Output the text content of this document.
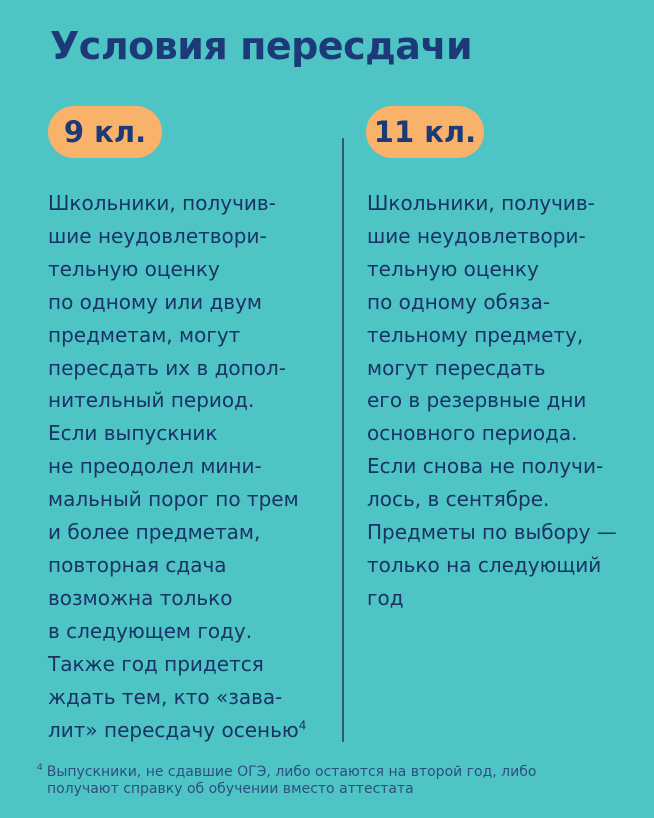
Условия пересдачи
9 кл.	11 кл.
Школьники, получив-
шие неудовлетвори-
тельную оценку
по одному или двум
предметам, могут
пересдать их в допол-
нительный период.
Если выпускник
не преодолел мини-
мальный порог по трем
и более предметам,
повторная сдача
возможна только
в следующем году.
Также год придется
ждать тем, кто «зава-
лит» пересдачу осенью$^4$
Школьники, получив-
шие неудовлетвори-
тельную оценку
по одному обяза-
тельному предмету,
могут пересдать
его в резервные дни
основного периода.
Если снова не получи-
лось, в сентябре.
Предметы по выбору —
только на следующий
год
$^4$ Выпускники, не сдавшие ОГЭ, либо остаются на второй год, либо
получают справку об обучении вместо аттестата
